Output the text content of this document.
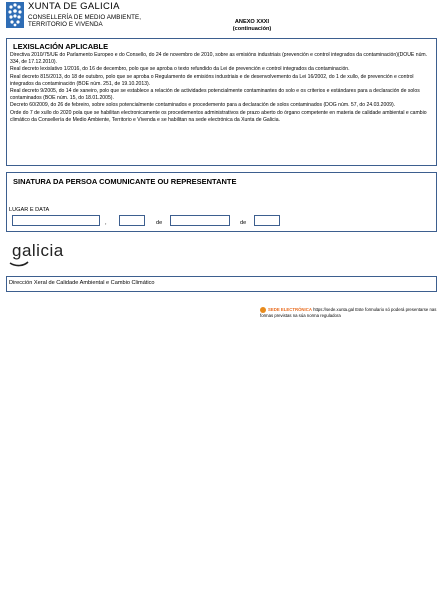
XUNTA DE GALICIA
CONSELLERÍA DE MEDIO AMBIENTE,
TERRITORIO E VIVENDA	ANEXO XXXI
(continuación)
LEXISLACIÓN APLICABLE
Directiva 2010/75/UE do Parlamento Europeo e do Consello, do 24 de novembro de 2010, sobre as emisións industriais (prevención e control integrados da contaminación)(DOUE núm. 334, de 17.12.2010).
Real decreto lexislativo 1/2016, do 16 de decembro, polo que se aproba o texto refundido da Lei de prevención e control integrados da contaminación.
Real decreto 815/2013, do 18 de outubro, polo que se aproba o Regulamento de emisións industriais e de desenvolvemento da Lei 16/2002, do 1 de xullo, de prevención e control integrados da contaminación (BOE núm. 251, de 19.10.2013).
Real decreto 9/2005, do 14 de xaneiro, polo que se establece a relación de actividades potencialmente contaminantes do solo e os criterios e estándares para a declaración de solos contaminados (BOE núm. 15, do 18.01.2005).
Decreto 60/2009, do 26 de febreiro, sobre solos potencialmente contaminados e procedemento para a declaración de solos contaminados (DOG núm. 57, do 24.03.2009).
Orde do 7 de xullo do 2020 pola que se habilitan electronicamente os procedementos administrativos de prazo aberto do órgano competente en materia de calidade ambiental e cambio climático da Consellería de Medio Ambiente, Territorio e Vivenda e se habilitan na sede electrónica da Xunta de Galicia.
SINATURA DA PERSOA COMUNICANTE OU REPRESENTANTE
LUGAR E DATA
,	de	de
galicia
Dirección Xeral de Calidade Ambiental e Cambio Climático
SEDE ELECTRÓNICA https://sede.xunta.gal Este formulario só poderá presentarse nas formas previstas na súa norma reguladora
